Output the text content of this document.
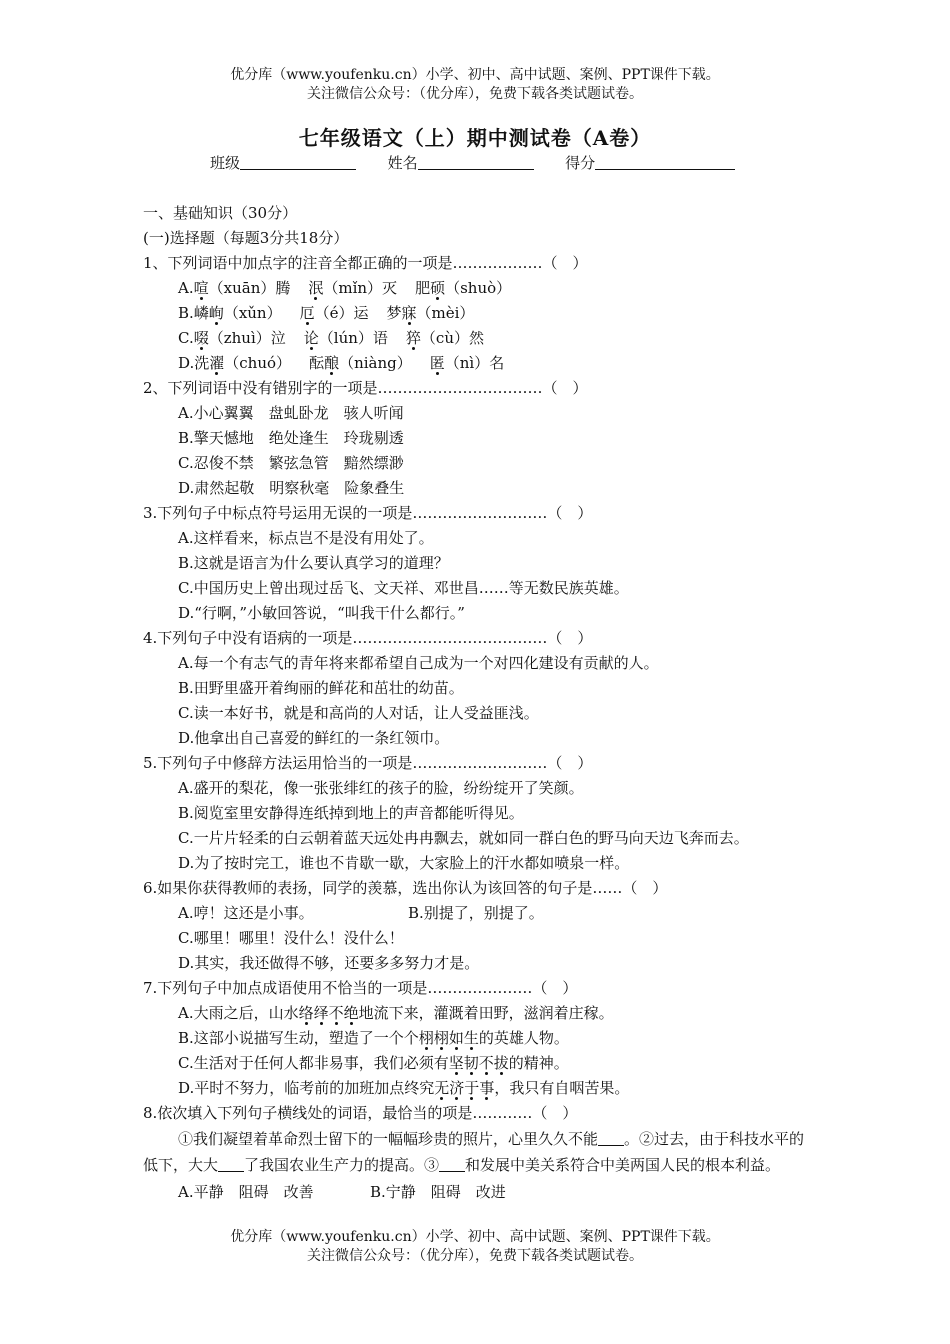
优分库（www.youfenku.cn）小学、初中、高中试题、案例、PPT课件下载。
关注微信公众号：（优分库），免费下载各类试题试卷。
七年级语文（上）期中测试卷（A卷）
班级	姓名	得分
一、基础知识（30分）
(一)选择题（每题3分共18分）
1、下列词语中加点字的注音全都正确的一项是………………（　）
A.喧（xuān）腾 泯（mǐn）灭 肥硕（shuò）
B.嶙峋（xǔn） 厄（é）运 梦寐（mèi）
C.啜（zhuì）泣 论（lún）语 猝（cù）然
D.洗濯（chuó） 酝酿（niàng） 匿（nì）名
2、下列词语中没有错别字的一项是……………………………（　）
A.小心翼翼　盘虬卧龙　骇人听闻
B.擎天憾地　绝处逢生　玲珑剔透
C.忍俊不禁　繁弦急管　黯然缥渺
D.肃然起敬　明察秋毫　险象叠生
3.下列句子中标点符号运用无误的一项是………………………（　）
A.这样看来，标点岂不是没有用处了。
B.这就是语言为什么要认真学习的道理？
C.中国历史上曾出现过岳飞、文天祥、邓世昌……等无数民族英雄。
D.“行啊，”小敏回答说，“叫我干什么都行。”
4.下列句子中没有语病的一项是…………………………………（　）
A.每一个有志气的青年将来都希望自己成为一个对四化建设有贡献的人。
B.田野里盛开着绚丽的鲜花和茁壮的幼苗。
C.读一本好书，就是和高尚的人对话，让人受益匪浅。
D.他拿出自己喜爱的鲜红的一条红领巾。
5.下列句子中修辞方法运用恰当的一项是………………………（　）
A.盛开的梨花，像一张张绯红的孩子的脸，纷纷绽开了笑颜。
B.阅览室里安静得连纸掉到地上的声音都能听得见。
C.一片片轻柔的白云朝着蓝天远处冉冉飘去，就如同一群白色的野马向天边飞奔而去。
D.为了按时完工，谁也不肯歇一歇，大家脸上的汗水都如喷泉一样。
6.如果你获得教师的表扬，同学的羡慕，选出你认为该回答的句子是……（　）
A.哼！这还是小事。	B.别提了，别提了。
C.哪里！哪里！没什么！没什么！
D.其实，我还做得不够，还要多多努力才是。
7.下列句子中加点成语使用不恰当的一项是…………………（　）
A.大雨之后，山水络绎不绝地流下来，灌溉着田野，滋润着庄稼。
B.这部小说描写生动，塑造了一个个栩栩如生的英雄人物。
C.生活对于任何人都非易事，我们必须有坚韧不拔的精神。
D.平时不努力，临考前的加班加点终究无济于事，我只有自咽苦果。
8.依次填入下列句子横线处的词语，最恰当的项是…………（　）
①我们凝望着革命烈士留下的一幅幅珍贵的照片，心里久久不能 。②过去，由于科技水平的低下，大大 了我国农业生产力的提高。③ 和发展中美关系符合中美两国人民的根本利益。
A.平静　阻碍　改善	B.宁静　阻碍　改进
优分库（www.youfenku.cn）小学、初中、高中试题、案例、PPT课件下载。
关注微信公众号：（优分库），免费下载各类试题试卷。
